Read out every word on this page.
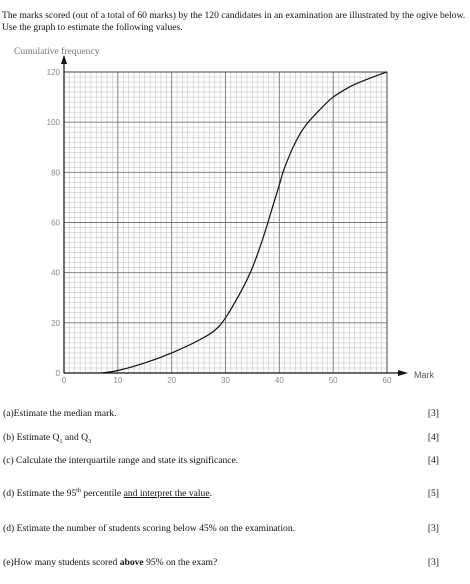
The marks scored (out of a total of 60 marks) by the 120 candidates in an examination are illustrated by the ogive below. Use the graph to estimate the following values.
0	10	20	30	40	50	60
0
20
40
60
80
100
120
Cumulative frequency
Mark
(a)Estimate the median mark.	[3]
(b) Estimate $Q_1$ and $Q_3$	[4]
(c) Calculate the interquartile range and state its significance.	[4]
(d) Estimate the 95th percentile and interpret the value.	[5]
(d) Estimate the number of students scoring below 45% on the examination.	[3]
(e)How many students scored above 95% on the exam?	[3]
